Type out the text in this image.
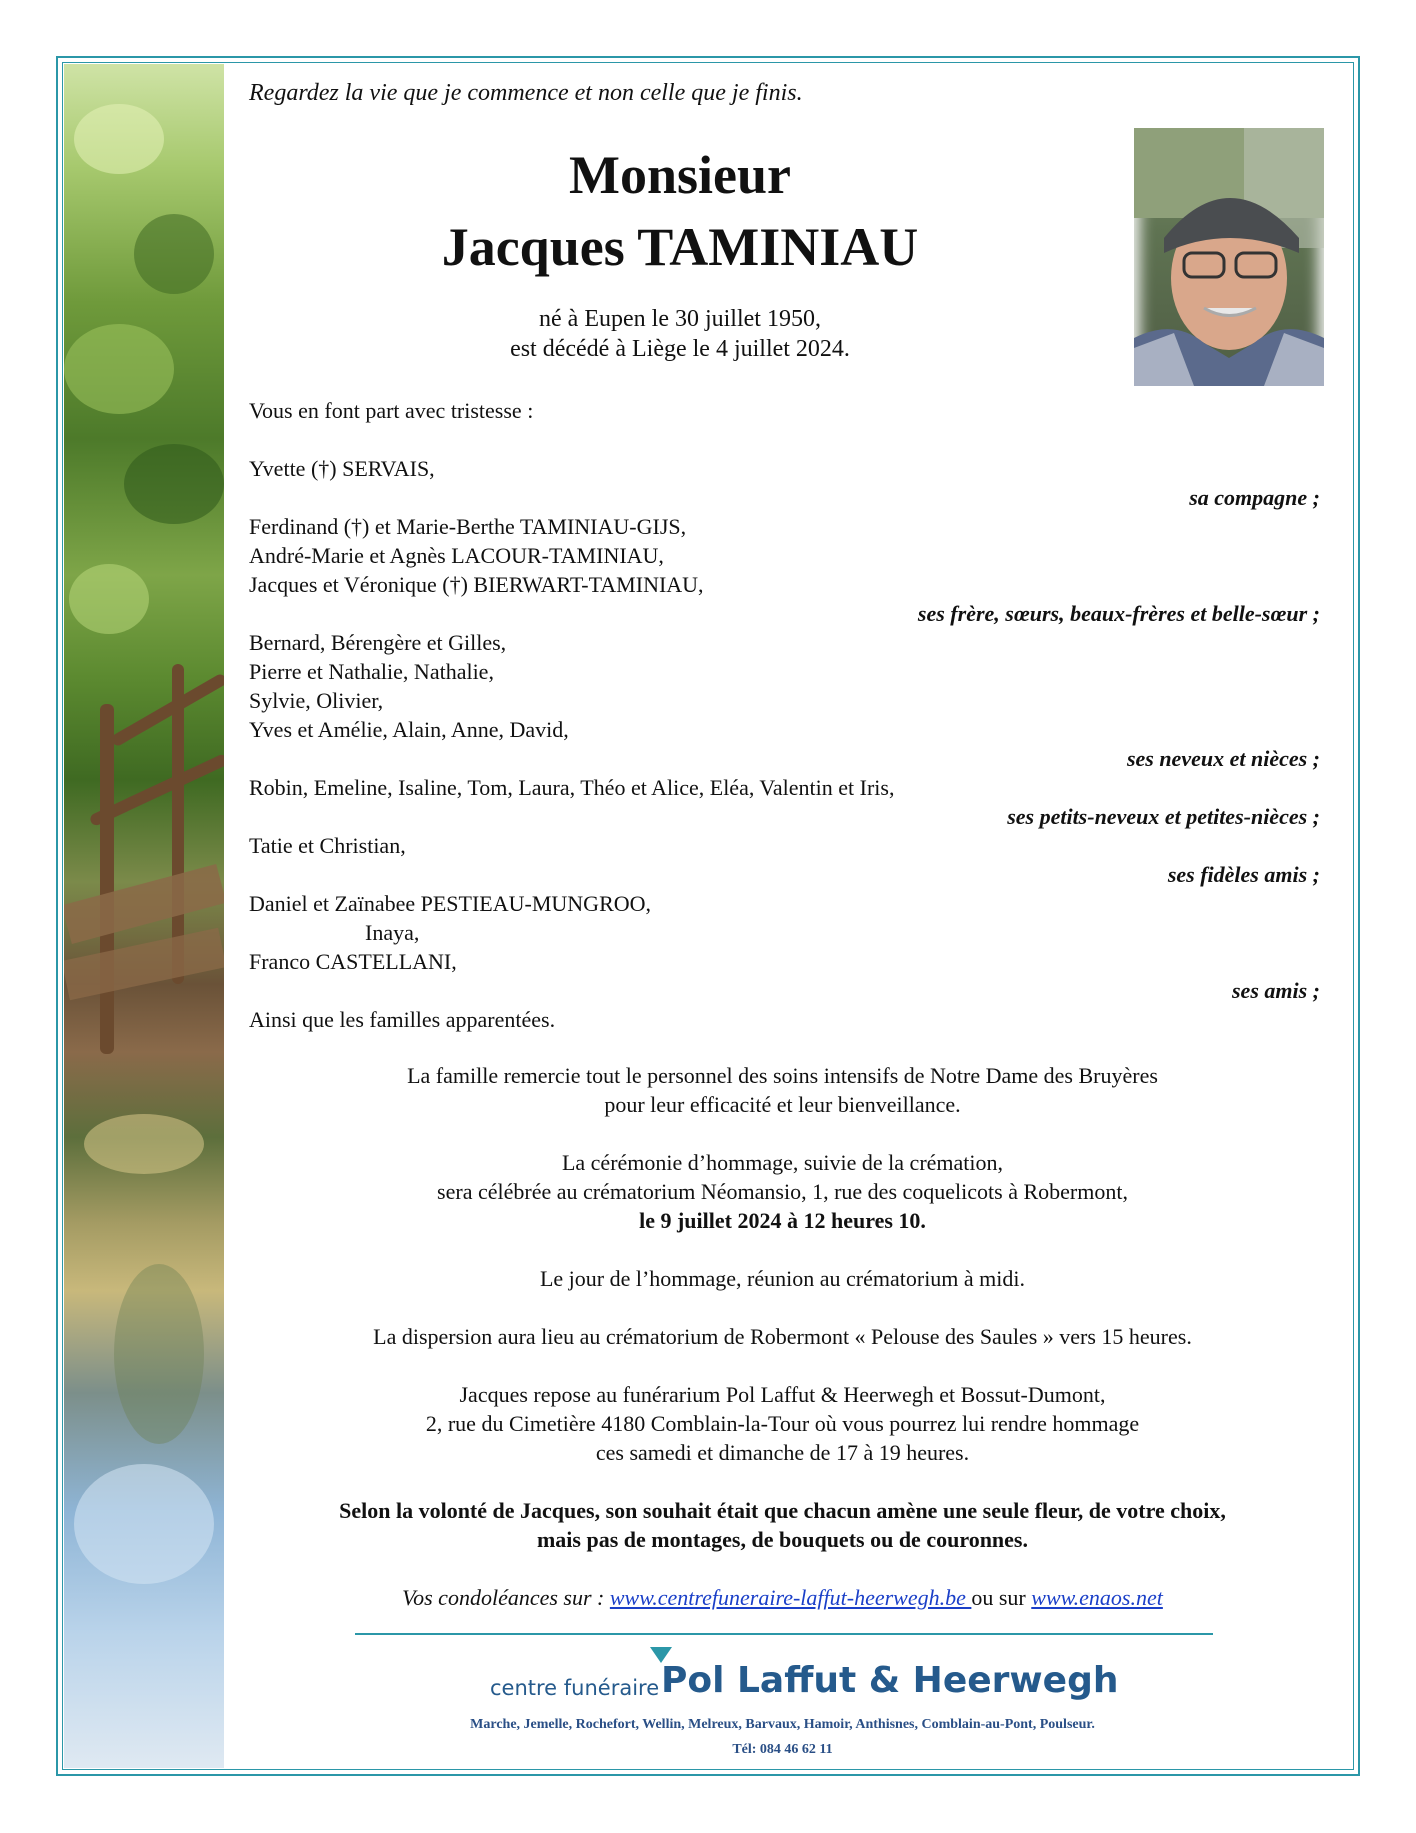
Regardez la vie que je commence et non celle que je finis.
Monsieur
Jacques TAMINIAU
né à Eupen le 30 juillet 1950,
est décédé à Liège le 4 juillet 2024.
Vous en font part avec tristesse :
Yvette (†) SERVAIS,
sa compagne ;
Ferdinand (†) et Marie-Berthe TAMINIAU-GIJS,
André-Marie et Agnès LACOUR-TAMINIAU,
Jacques et Véronique (†) BIERWART-TAMINIAU,
ses frère, sœurs, beaux-frères et belle-sœur ;
Bernard, Bérengère et Gilles,
Pierre et Nathalie, Nathalie,
Sylvie, Olivier,
Yves et Amélie, Alain, Anne, David,
ses neveux et nièces ;
Robin, Emeline, Isaline, Tom, Laura, Théo et Alice, Eléa, Valentin et Iris,
ses petits-neveux et petites-nièces ;
Tatie et Christian,
ses fidèles amis ;
Daniel et Zaïnabee PESTIEAU-MUNGROO,
Inaya,
Franco CASTELLANI,
ses amis ;
Ainsi que les familles apparentées.
La famille remercie tout le personnel des soins intensifs de Notre Dame des Bruyères
pour leur efficacité et leur bienveillance.
La cérémonie d’hommage, suivie de la crémation,
sera célébrée au crématorium Néomansio, 1, rue des coquelicots à Robermont,
le 9 juillet 2024 à 12 heures 10.
Le jour de l’hommage, réunion au crématorium à midi.
La dispersion aura lieu au crématorium de Robermont « Pelouse des Saules » vers 15 heures.
Jacques repose au funérarium Pol Laffut & Heerwegh et Bossut-Dumont,
2, rue du Cimetière 4180 Comblain-la-Tour où vous pourrez lui rendre hommage
ces samedi et dimanche de 17 à 19 heures.
Selon la volonté de Jacques, son souhait était que chacun amène une seule fleur, de votre choix,
mais pas de montages, de bouquets ou de couronnes.
Vos condoléances sur : www.centrefuneraire-laffut-heerwegh.be ou sur www.enaos.net
centre funéraire Pol Laffut & Heerwegh
Marche, Jemelle, Rochefort, Wellin, Melreux, Barvaux, Hamoir, Anthisnes, Comblain-au-Pont, Poulseur.
Tél: 084 46 62 11
